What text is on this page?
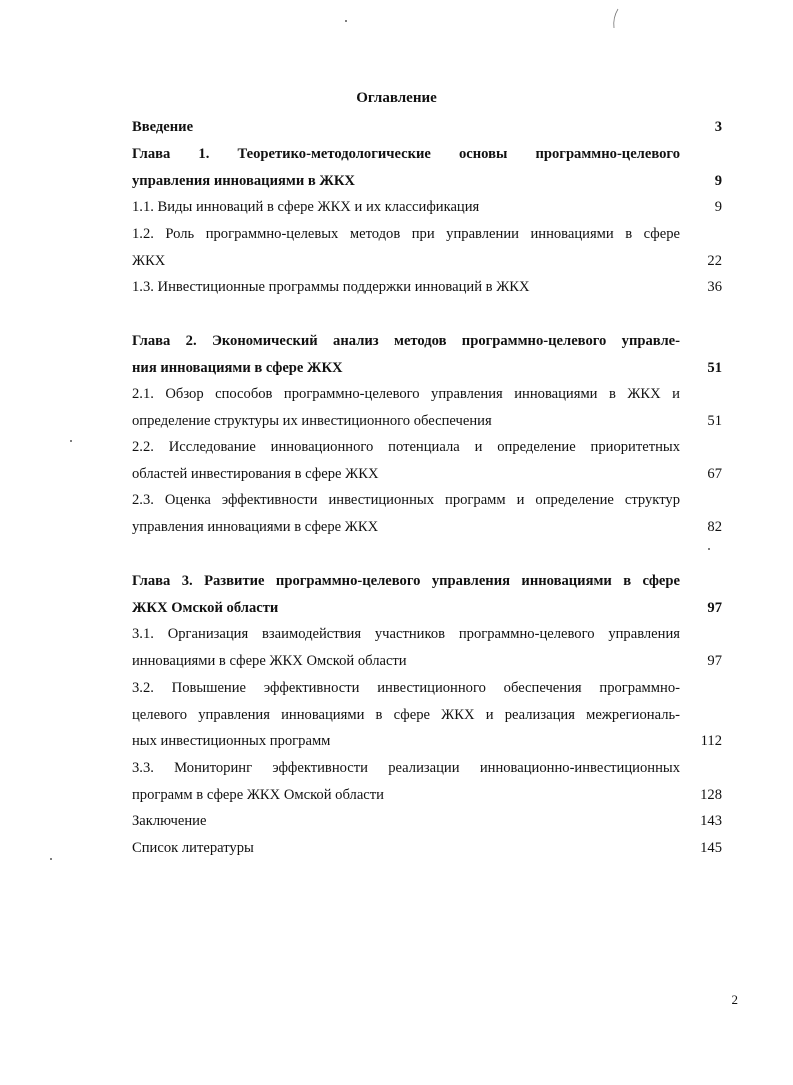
Оглавление
Введение	3
Глава 1. Теоретико-методологические основы программно-целевого
управления инновациями в ЖКХ	9
1.1. Виды инноваций в сфере ЖКХ и их классификация	9
1.2. Роль программно-целевых методов при управлении инновациями в сфере
ЖКХ	22
1.3. Инвестиционные программы поддержки инноваций в ЖКХ	36
Глава 2. Экономический анализ методов программно-целевого управле-
ния инновациями в сфере ЖКХ	51
2.1. Обзор способов программно-целевого управления инновациями в ЖКХ и
определение структуры их инвестиционного обеспечения	51
2.2. Исследование инновационного потенциала и определение приоритетных
областей инвестирования в сфере ЖКХ	67
2.3. Оценка эффективности инвестиционных программ и определение структур
управления инновациями в сфере ЖКХ	82
Глава 3. Развитие программно-целевого управления инновациями в сфере
ЖКХ Омской области	97
3.1. Организация взаимодействия участников программно-целевого управления
инновациями в сфере ЖКХ Омской области	97
3.2. Повышение эффективности инвестиционного обеспечения программно-
целевого управления инновациями в сфере ЖКХ и реализация межрегиональ-
ных инвестиционных программ	112
3.3. Мониторинг эффективности реализации инновационно-инвестиционных
программ в сфере ЖКХ Омской области	128
Заключение	143
Список литературы	145
2
